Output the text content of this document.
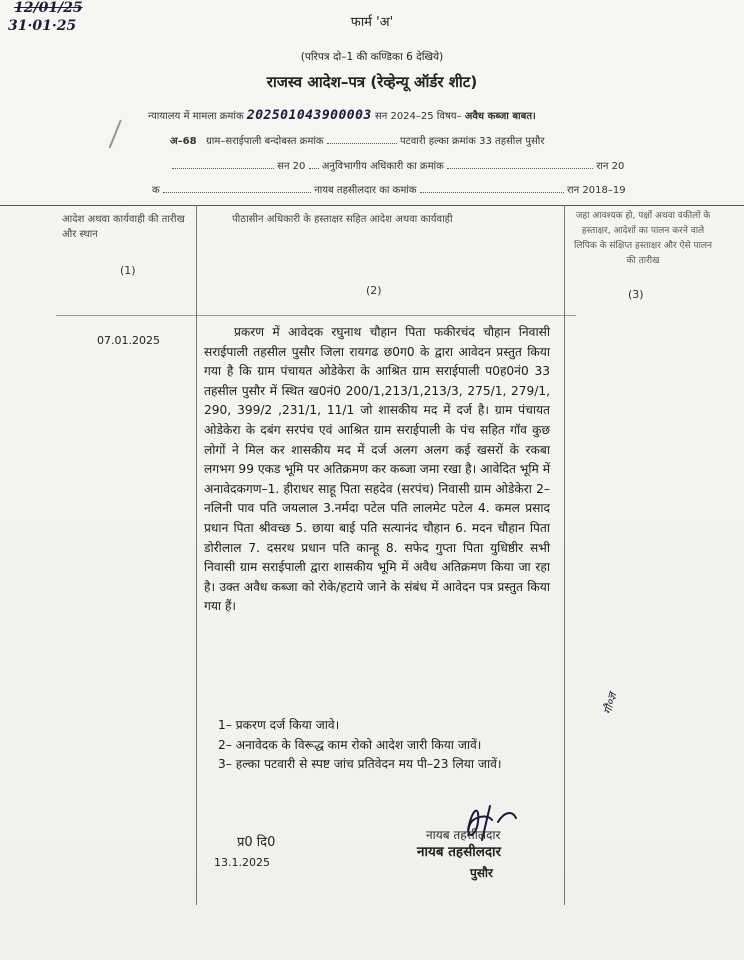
12/01/25
31·01·25	फार्म 'अ'
(परिपत्र दो–1 की कण्डिका 6 देखिये)
राजस्व आदेश–पत्र (रेव्हेन्यू ऑर्डर शीट)
न्यायालय में मामला क्रमांक 202501043900003 सन 2024–25 विषय– अवैध कब्जा बाबत।
अ–68 ग्राम–सराईपाली बन्दोबस्त क्रमांक	पटवारी हल्का क्रमांक 33 तहसील पुसौर
सन 20 अनुविभागीय अधिकारी का क्रमांक	रान 20
क	नायब तहसीलदार का कमांक	रान 2018–19
आदेश अथवा कार्यवाही की तारीख और स्थान
(1)
पीठासीन अधिकारी के हस्ताक्षर सहित आदेश अथवा कार्यवाही
(2)
जहा आवश्यक हो, पक्षों अथवा वकीलों के हस्ताक्षर, आदेशों का पालन करने वाले लिपिक के संक्षिप्त हस्ताक्षर और ऐसे पालन की तारीख
(3)
07.01.2025
प्रकरण में आवेदक रघुनाथ चौहान पिता फकीरचंद चौहान निवासी सराईपाली तहसील पुसौर जिला रायगढ छ0ग0 के द्वारा आवेदन प्रस्तुत किया गया है कि ग्राम पंचायत ओडेकेरा के आश्रित ग्राम सराईपाली प0ह0नं0 33 तहसील पुसौर में स्थित ख0नं0 200/1,213/1,213/3, 275/1, 279/1, 290, 399/2 ,231/1, 11/1 जो शासकीय मद में दर्ज है। ग्राम पंचायत ओडेकेरा के दबंग सरपंच एवं आश्रित ग्राम सराईपाली के पंच सहित गॉव कुछ लोगों ने मिल कर शासकीय मद में दर्ज अलग अलग कई खसरों के रकबा लगभग 99 एकड भूमि पर अतिक्रमण कर कब्जा जमा रखा है। आवेदित भूमि में अनावेदकगण–1. हीराधर साहू पिता सहदेव (सरपंच) निवासी ग्राम ओडेकेरा 2–नलिनी पाव पति जयलाल 3.नर्मदा पटेल पति लालमेट पटेल 4. कमल प्रसाद प्रधान पिता श्रीवच्छ 5. छाया बाई पति सत्यानंद चौहान 6. मदन चौहान पिता डोरीलाल 7. दसरथ प्रधान पति कान्हू 8. सफेद गुप्ता पिता युधिष्ठीर सभी निवासी ग्राम सराईपाली द्वारा शासकीय भूमि में अवैध अतिक्रमण किया जा रहा है। उक्त अवैध कब्जा को रोके/हटाये जाने के संबंध में आवेदन पत्र प्रस्तुत किया गया हैं।
1– प्रकरण दर्ज किया जावे।
2– अनावेदक के विरूद्ध काम रोको आदेश जारी किया जावें।
3– हल्का पटवारी से स्पष्ट जांच प्रतिवेदन मय पी–23 लिया जावें।
प्र0 दि0
13.1.2025
नायब तहसीलदार
नायब तहसीलदार
पुसौर
गौ०ज्ञ
